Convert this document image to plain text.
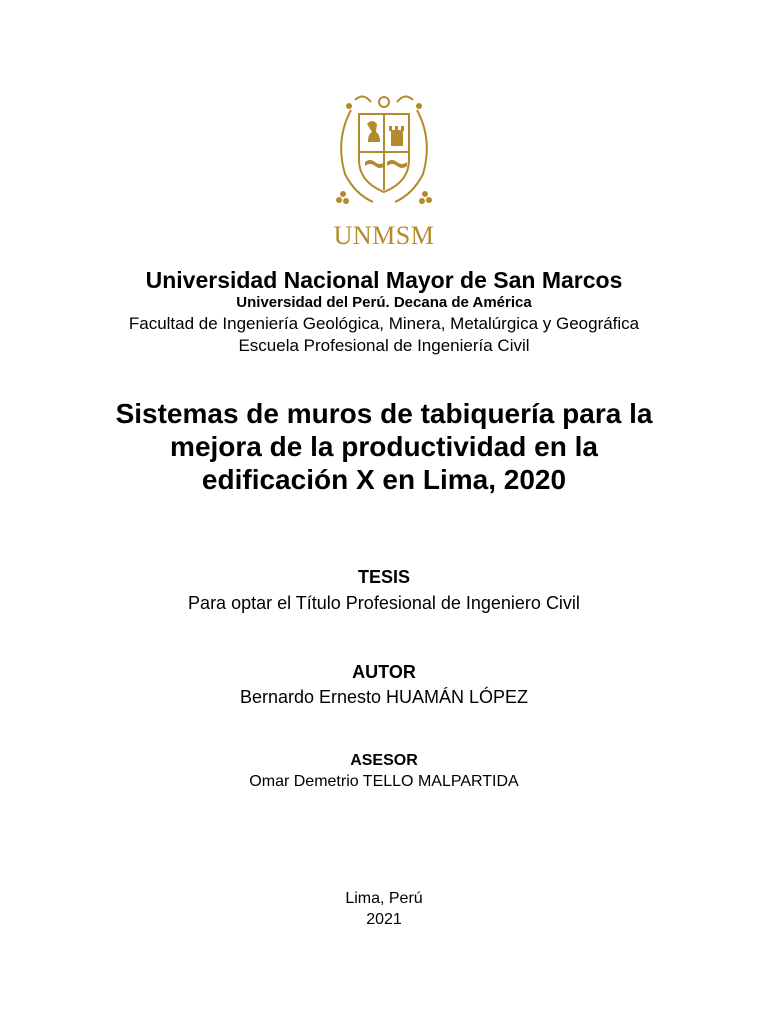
UNMSM
Universidad Nacional Mayor de San Marcos
Universidad del Perú. Decana de América
Facultad de Ingeniería Geológica, Minera, Metalúrgica y Geográfica
Escuela Profesional de Ingeniería Civil
Sistemas de muros de tabiquería para la
mejora de la productividad en la
edificación X en Lima, 2020
TESIS
Para optar el Título Profesional de Ingeniero Civil
AUTOR
Bernardo Ernesto HUAMÁN LÓPEZ
ASESOR
Omar Demetrio TELLO MALPARTIDA
Lima, Perú
2021
